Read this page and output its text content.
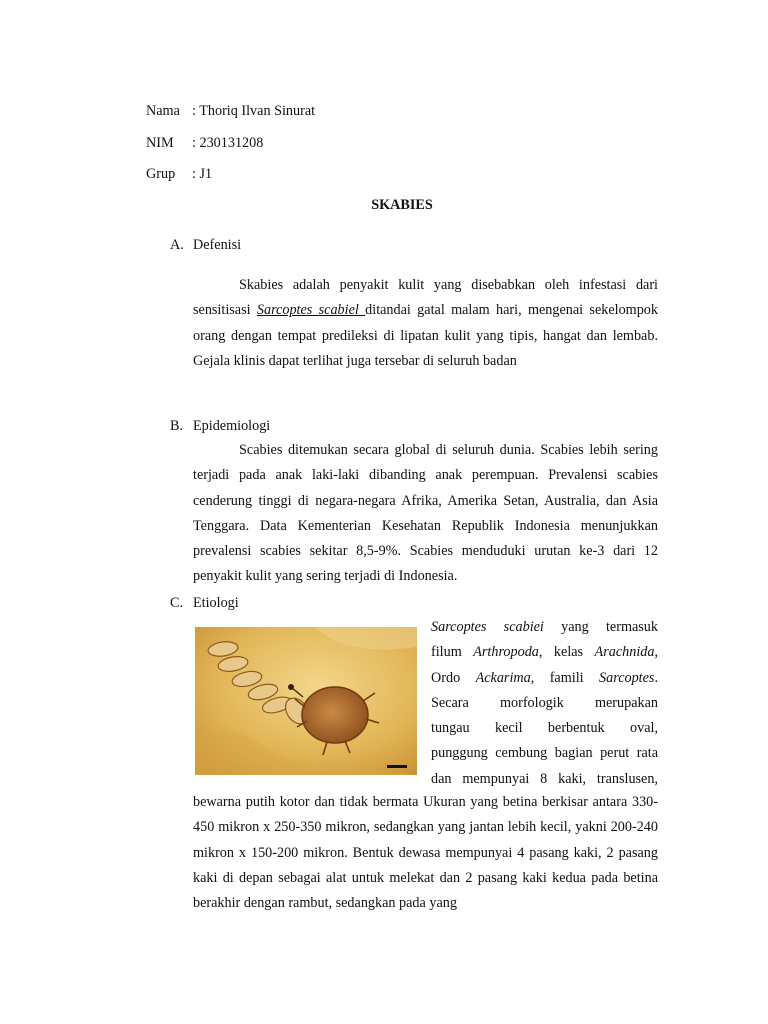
Nama : Thoriq Ilvan Sinurat
NIM	: 230131208
Grup	: J1
SKABIES
A. Defenisi
Skabies adalah penyakit kulit yang disebabkan oleh infestasi dari sensitisasi Sarcoptes scabiel ditandai gatal malam hari, mengenai sekelompok orang dengan tempat predileksi di lipatan kulit yang tipis, hangat dan lembab. Gejala klinis dapat terlihat juga tersebar di seluruh badan
B. Epidemiologi
Scabies ditemukan secara global di seluruh dunia. Scabies lebih sering terjadi pada anak laki-laki dibanding anak perempuan. Prevalensi scabies cenderung tinggi di negara-negara Afrika, Amerika Setan, Australia, dan Asia Tenggara. Data Kementerian Kesehatan Republik Indonesia menunjukkan prevalensi scabies sekitar 8,5-9%. Scabies menduduki urutan ke-3 dari 12 penyakit kulit yang sering terjadi di Indonesia.
C. Etiologi
Sarcoptes scabiei yang termasuk
filum Arthropoda, kelas Arachnida,
Ordo Ackarima, famili Sarcoptes.
Secara morfologik merupakan
tungau kecil berbentuk oval,
punggung cembung bagian perut rata
dan mempunyai 8 kaki, translusen,
bewarna putih kotor dan tidak bermata Ukuran yang betina berkisar antara 330-450 mikron x 250-350 mikron, sedangkan yang jantan lebih kecil, yakni 200-240 mikron x 150-200 mikron. Bentuk dewasa mempunyai 4 pasang kaki, 2 pasang kaki di depan sebagai alat untuk melekat dan 2 pasang kaki kedua pada betina berakhir dengan rambut, sedangkan pada yang
